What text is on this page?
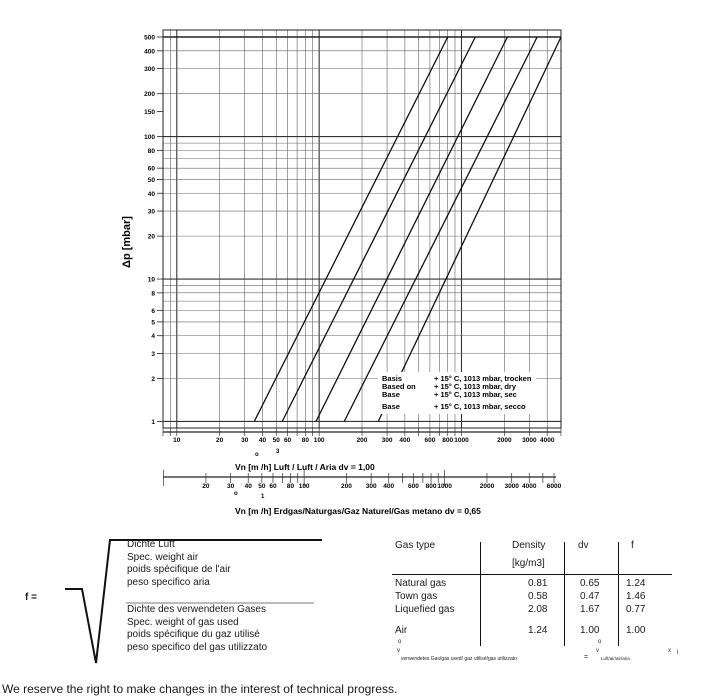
1
2
3
4
5
6
8
10
20
30
40
50
60
80
100
150
200
300
400
500
Δp [mbar]
Basis	+ 15° C, 1013 mbar, trocken
Based on + 15° C, 1013 mbar, dry
Base	+ 15° C, 1013 mbar, sec
Base	+ 15° C, 1013 mbar, secco
10	20	30 40 50 60 80 100	200 300 400 600 800 1000	2000 3000 4000
o	3
Vn [m /h] Luft / Luft / Aria dv = 1,00
20	30 40 50 60 80 100	200 300 400 600 800 1000	2000 3000 4000 6000
o	1
Vn [m /h] Erdgas/Naturgas/Gaz Naturel/Gas metano dv = 0,65
f =
Dichte Luft
Spec. weight air
poids spécifique de l'air
peso specifico aria
Dichte des verwendeten Gases
Spec. weight of gas used
poids spécifique du gaz utilisé
peso specifico del gas utilizzato
Gas type	Density
[kg/m3]
dv	f
Natural gas	0.81	0.65	1.24
Town gas	0.58	0.47	1.46
Liquefied gas	2.08	1.67	0.77
Air	1.24	1.00	1.00
o
v
verwendetes Gas/gas used/ gaz utilisé/gas utilizzato	=
o
v
Luft/air/air/aria
x l
We reserve the right to make changes in the interest of technical progress.
